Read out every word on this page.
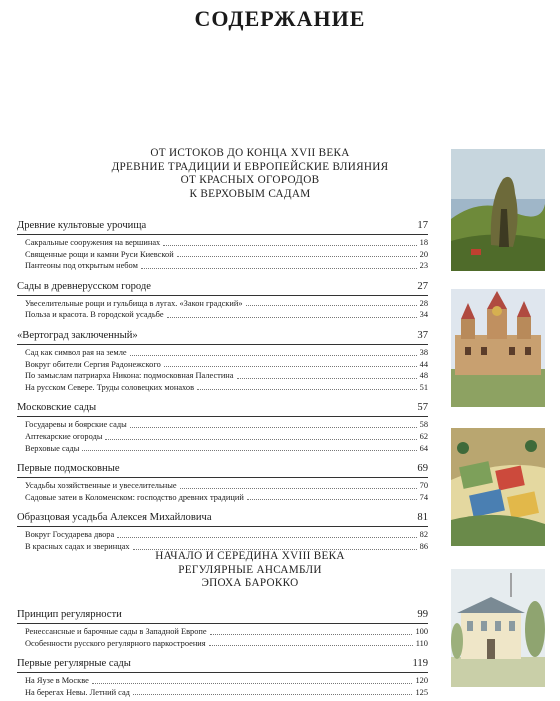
СОДЕРЖАНИЕ
ОТ ИСТОКОВ ДО КОНЦА XVII ВЕКА
ДРЕВНИЕ ТРАДИЦИИ И ЕВРОПЕЙСКИЕ ВЛИЯНИЯ
ОТ КРАСНЫХ ОГОРОДОВ
К ВЕРХОВЫМ САДАМ
Древние культовые урочища	17
Сакральные сооружения на вершинах	18
Священные рощи и камни Руси Киевской	20
Пантеоны под открытым небом	23
Сады в древнерусском городе	27
Увеселительные рощи и гульбища в лугах. «Закон градский»	28
Польза и красота. В городской усадьбе	34
«Вертоград заключенный»	37
Сад как символ рая на земле	38
Вокруг обители Сергия Радонежского	44
По замыслам патриарха Никона: подмосковная Палестина	48
На русском Севере. Труды соловецких монахов	51
Московские сады	57
Государевы и боярские сады	58
Аптекарские огороды	62
Верховые сады	64
Первые подмосковные	69
Усадьбы хозяйственные и увеселительные	70
Садовые затеи в Коломенском: господство древних традиций	74
Образцовая усадьба Алексея Михайловича	81
Вокруг Государева двора	82
В красных садах и зверинцах	86
НАЧАЛО И СЕРЕДИНА XVIII ВЕКА
РЕГУЛЯРНЫЕ АНСАМБЛИ
ЭПОХА БАРОККО
Принцип регулярности	99
Ренессансные и барочные сады в Западной Европе	100
Особенности русского регулярного паркостроения	110
Первые регулярные сады	119
На Яузе в Москве	120
На берегах Невы. Летний сад	125
